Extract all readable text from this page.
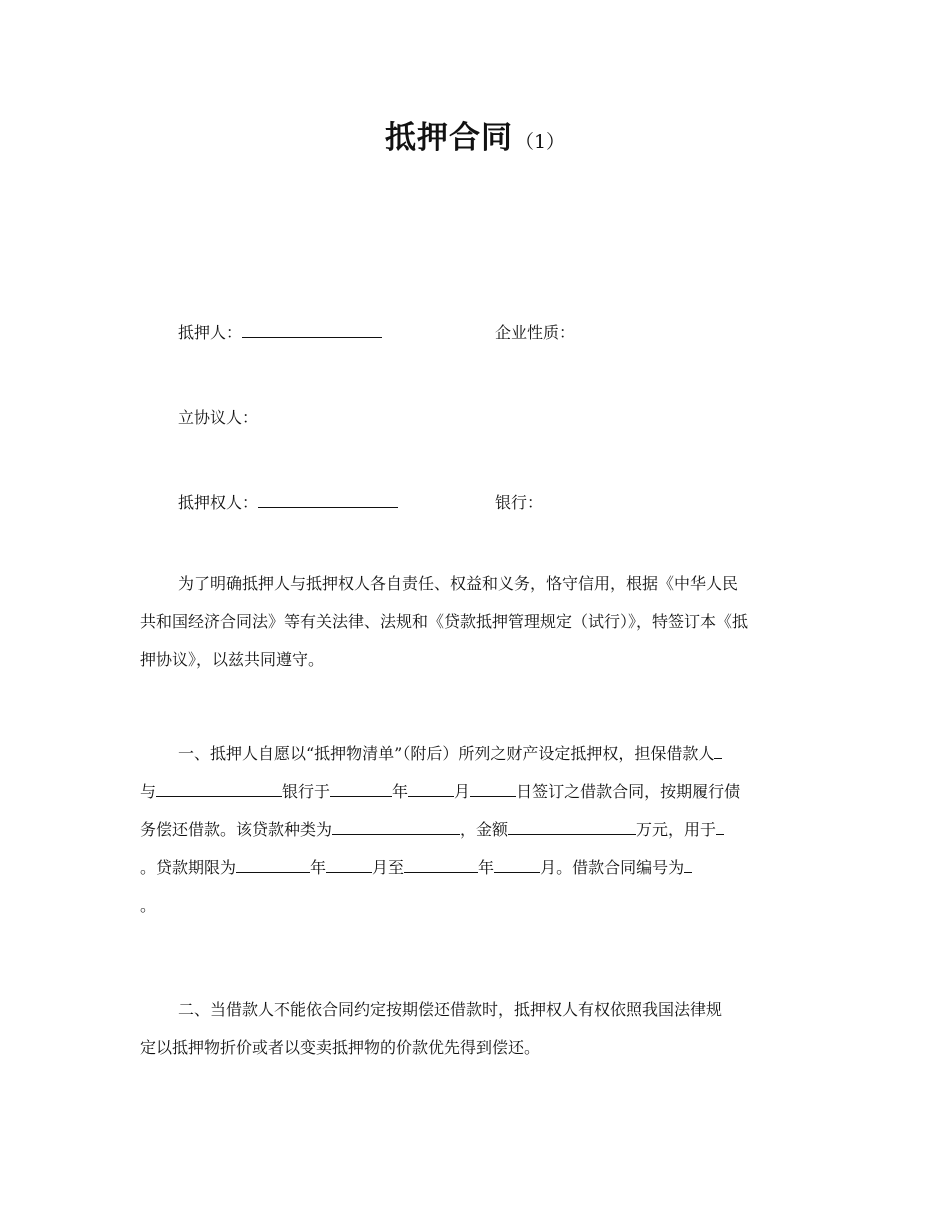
抵押合同 （1）
抵押人：	企业性质：
立协议人：
抵押权人：	银行：
为了明确抵押人与抵押权人各自责任、权益和义务，恪守信用，根据《中华人民
共和国经济合同法》等有关法律、法规和《贷款抵押管理规定（试行）》，特签订本《抵
押协议》，以兹共同遵守。
一、抵押人自愿以“抵押物清单”（附后）所列之财产设定抵押权，担保借款人
与	银行于	年	月	日签订之借款合同，按期履行债
务偿还借款。该贷款种类为	，金额	万元，用于
。贷款期限为	年	月至	年	月。借款合同编号为
。
二、当借款人不能依合同约定按期偿还借款时，抵押权人有权依照我国法律规
定以抵押物折价或者以变卖抵押物的价款优先得到偿还。
